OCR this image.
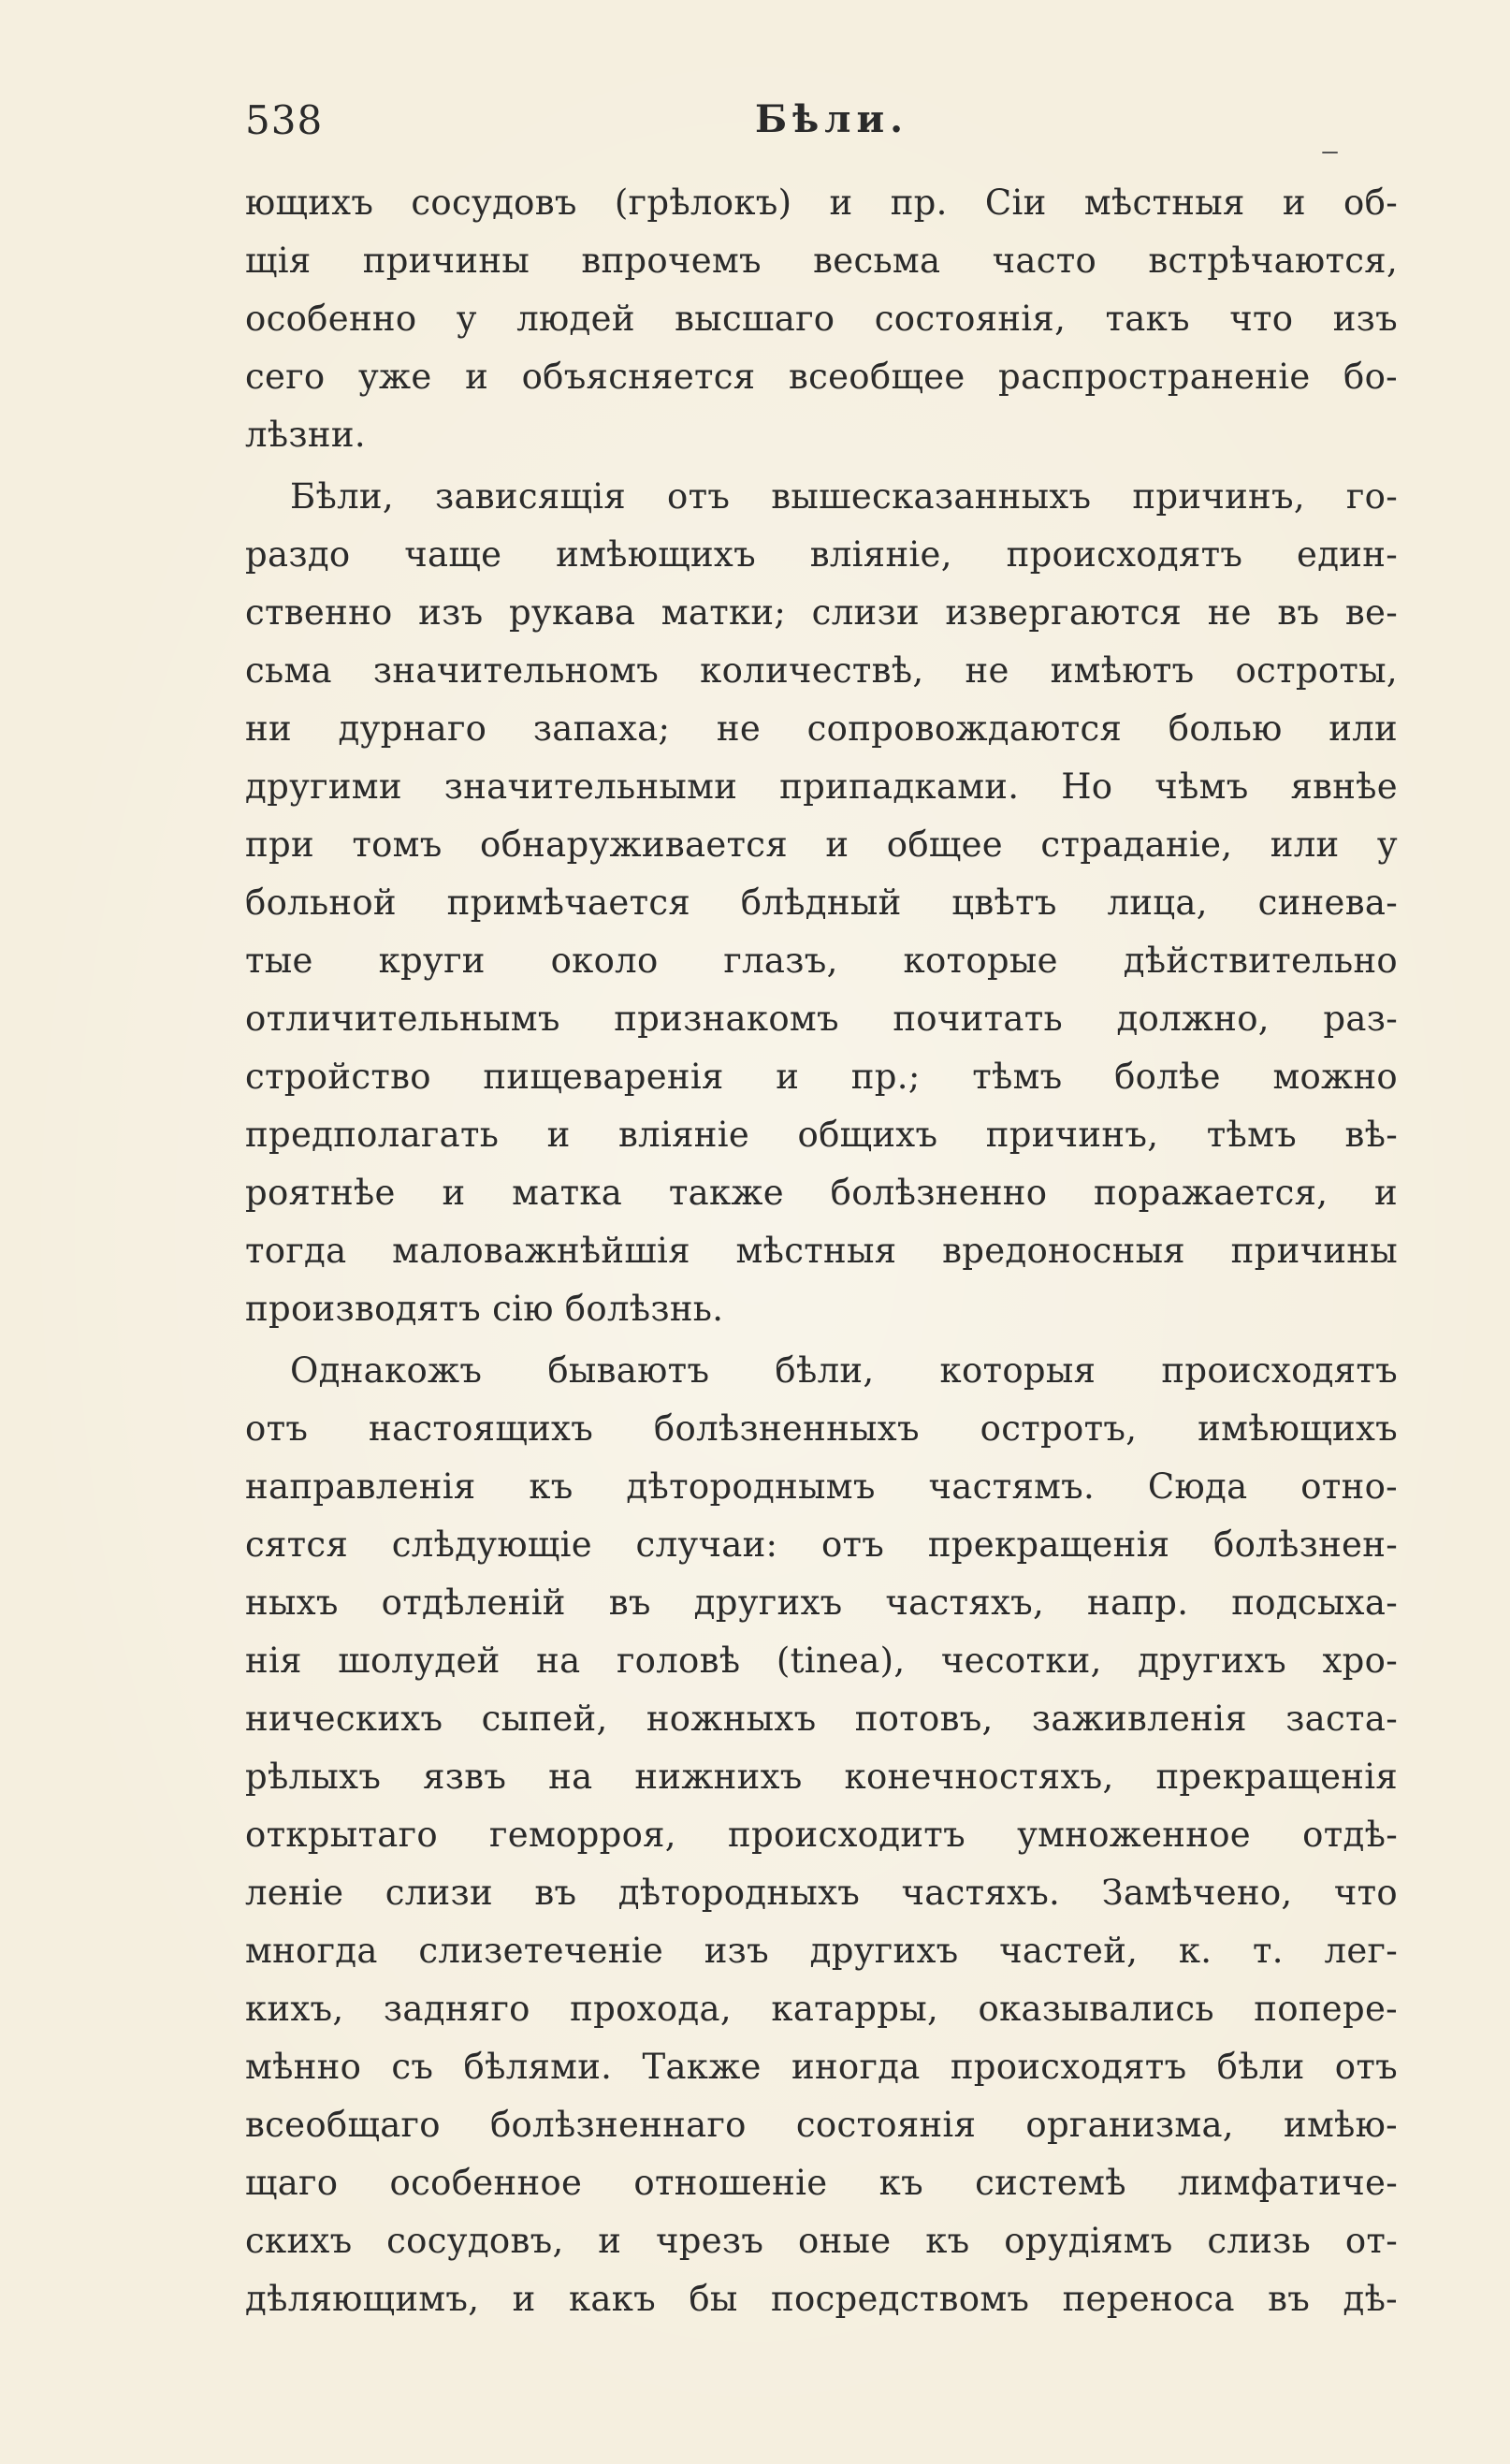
538	Бѣли.
‒
ющихъ сосудовъ (грѣлокъ) и пр. Сіи мѣстныя и об-
щія причины впрочемъ весьма часто встрѣчаются,
особенно у людей высшаго состоянія, такъ что изъ
сего уже и объясняется всеобщее распространеніе бо-
лѣзни.
Бѣли, зависящія отъ вышесказанныхъ причинъ, го-
раздо чаще имѣющихъ вліяніе, происходятъ един-
ственно изъ рукава матки; слизи извергаются не въ ве-
сьма значительномъ количествѣ, не имѣютъ острoты,
ни дурнаго запаха; не сопровождаются болью или
другими значительными припадками. Но чѣмъ явнѣе
при томъ обнаруживается и общее страданіе, или у
больной примѣчается блѣдный цвѣтъ лица, синева-
тые круги около глазъ, которые дѣйствительно
отличительнымъ признакомъ почитать должно, раз-
стройство пищеваренія и пр.; тѣмъ болѣе можно
предполагать и вліяніе общихъ причинъ, тѣмъ вѣ-
роятнѣе и матка также болѣзненно поражается, и
тогда маловажнѣйшія мѣстныя вредоносныя причины
производятъ сію болѣзнь.
Однакожъ бываютъ бѣли, которыя происходятъ
отъ настоящихъ болѣзненныхъ остротъ, имѣющихъ
направленія къ дѣтороднымъ частямъ. Сюда отно-
сятся слѣдующіе случаи: отъ прекращенія болѣзнен-
ныхъ отдѣленій въ другихъ частяхъ, напр. подсыха-
нія шолудей на головѣ (tinea), чесотки, другихъ хро-
ническихъ сыпей, ножныхъ потовъ, заживленія заста-
рѣлыхъ язвъ на нижнихъ конечностяхъ, прекращенія
открытаго геморроя, происходитъ умноженное отдѣ-
леніе слизи въ дѣтородныхъ частяхъ. Замѣчено, что
многда слизетеченіе изъ другихъ частей, к. т. лег-
кихъ, задняго прохода, катарры, оказывались попере-
мѣнно съ бѣлями. Также иногда происходятъ бѣли отъ
всеобщаго болѣзненнаго состоянія организма, имѣю-
щаго особенное отношеніе къ системѣ лимфатиче-
скихъ сосудовъ, и чрезъ оные къ орудіямъ слизь от-
дѣляющимъ, и какъ бы посредствомъ переноса въ дѣ-
